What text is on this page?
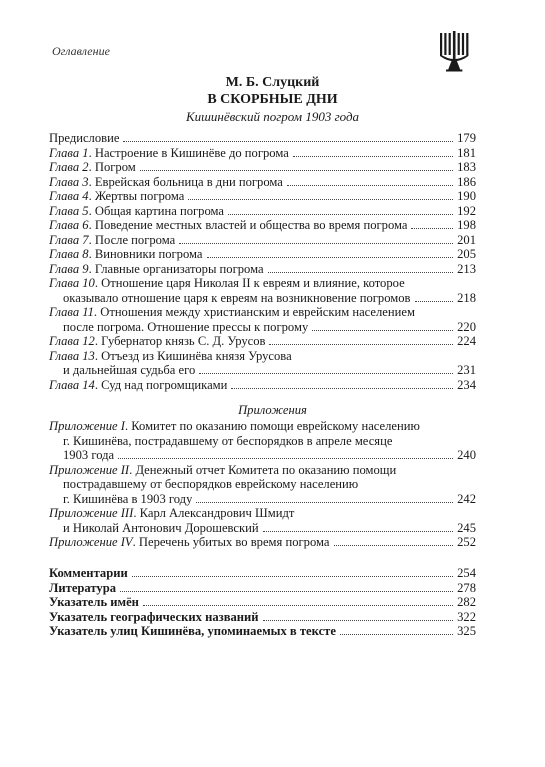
Оглавление
М. Б. Слуцкий
В СКОРБНЫЕ ДНИ
Кишинёвский погром 1903 года
Предисловие	179
Глава 1. Настроение в Кишинёве до погрома	181
Глава 2. Погром	183
Глава 3. Еврейская больница в дни погрома	186
Глава 4. Жертвы погрома	190
Глава 5. Общая картина погрома	192
Глава 6. Поведение местных властей и общества во время погрома	198
Глава 7. После погрома	201
Глава 8. Виновники погрома	205
Глава 9. Главные организаторы погрома	213
Глава 10. Отношение царя Николая II к евреям и влияние, которое
оказывало отношение царя к евреям на возникновение погромов	218
Глава 11. Отношения между христианским и еврейским населением
после погрома. Отношение прессы к погрому	220
Глава 12. Губернатор князь С. Д. Урусов	224
Глава 13. Отъезд из Кишинёва князя Урусова
и дальнейшая судьба его	231
Глава 14. Суд над погромщиками	234
Приложения
Приложение I. Комитет по оказанию помощи еврейскому населению
г. Кишинёва, пострадавшему от беспорядков в апреле месяце
1903 года	240
Приложение II. Денежный отчет Комитета по оказанию помощи
пострадавшему от беспорядков еврейскому населению
г. Кишинёва в 1903 году	242
Приложение III. Карл Александрович Шмидт
и Николай Антонович Дорошевский	245
Приложение IV. Перечень убитых во время погрома	252
Комментарии	254
Литература	278
Указатель имён	282
Указатель географических названий	322
Указатель улиц Кишинёва, упоминаемых в тексте	325
